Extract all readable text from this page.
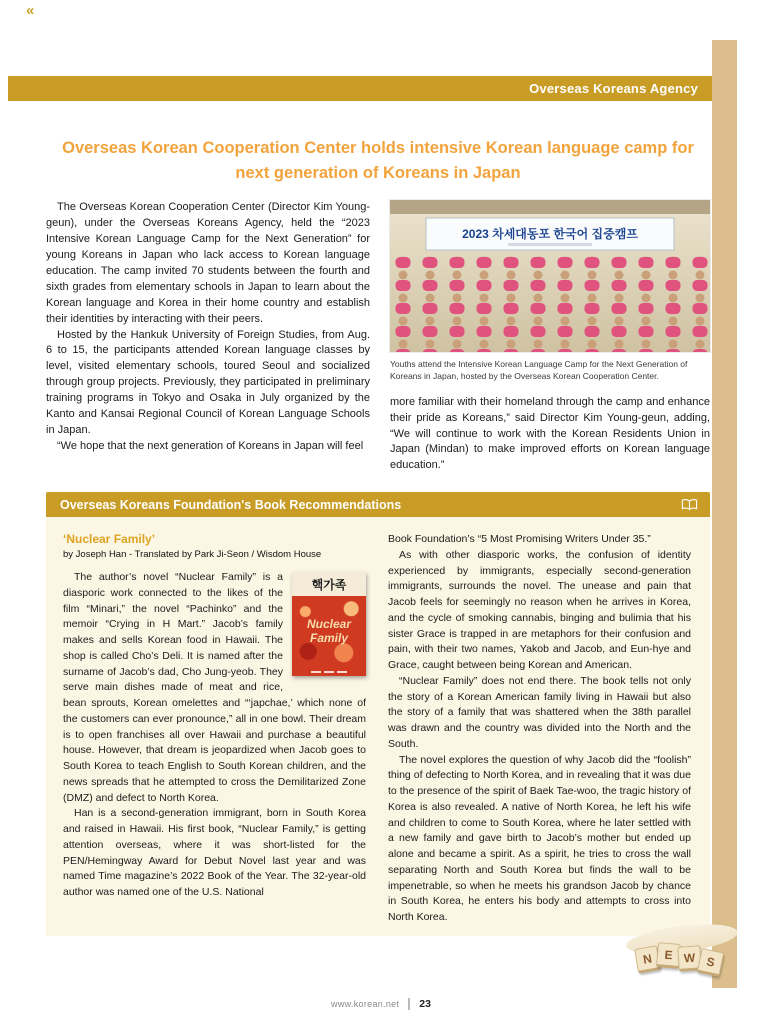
«
Overseas Koreans Agency
Overseas Korean Cooperation Center holds intensive Korean language camp for next generation of Koreans in Japan

The Overseas Korean Cooperation Center (Director Kim Young-geun), under the Overseas Koreans Agency, held the “2023 Intensive Korean Language Camp for the Next Generation” for young Koreans in Japan who lack access to Korean language education. The camp invited 70 students between the fourth and sixth grades from elementary schools in Japan to learn about the Korean language and Korea in their home country and establish their identities by interacting with their peers.

Hosted by the Hankuk University of Foreign Studies, from Aug. 6 to 15, the participants attended Korean language classes by level, visited elementary schools, toured Seoul and socialized through group projects. Previously, they participated in preliminary training programs in Tokyo and Osaka in July organized by the Kanto and Kansai Regional Council of Korean Language Schools in Japan.

“We hope that the next generation of Koreans in Japan will feel

2023 차세대동포 한국어 집중캠프

Youths attend the Intensive Korean Language Camp for the Next Generation of Koreans in Japan, hosted by the Overseas Korean Cooperation Center.

more familiar with their homeland through the camp and enhance their pride as Koreans,” said Director Kim Young-geun, adding, “We will continue to work with the Korean Residents Union in Japan (Mindan) to make improved efforts on Korean language education.”

Overseas Koreans Foundation's Book Recommendations
‘Nuclear Family’
by Joseph Han - Translated by Park Ji-Seon / Wisdom House
핵가족
Nuclear Family

The author’s novel “Nuclear Family” is a diasporic work connected to the likes of the film “Minari,” the novel “Pachinko” and the memoir “Crying in H Mart.” Jacob’s family makes and sells Korean food in Hawaii. The shop is called Cho’s Deli. It is named after the surname of Jacob’s dad, Cho Jung-yeob. They serve main dishes made of meat and rice, bean sprouts, Korean omelettes and “‘japchae,’ which none of the customers can ever pronounce,” all in one bowl. Their dream is to open franchises all over Hawaii and purchase a beautiful house. However, that dream is jeopardized when Jacob goes to South Korea to teach English to South Korean children, and the news spreads that he attempted to cross the Demilitarized Zone (DMZ) and defect to North Korea.

Han is a second-generation immigrant, born in South Korea and raised in Hawaii. His first book, “Nuclear Family,” is getting attention overseas, where it was short-listed for the PEN/Hemingway Award for Debut Novel last year and was named Time magazine’s 2022 Book of the Year. The 32-year-old author was named one of the U.S. National

Book Foundation’s “5 Most Promising Writers Under 35.”

As with other diasporic works, the confusion of identity experienced by immigrants, especially second-generation immigrants, surrounds the novel. The unease and pain that Jacob feels for seemingly no reason when he arrives in Korea, and the cycle of smoking cannabis, binging and bulimia that his sister Grace is trapped in are metaphors for their confusion and pain, with their two names, Yakob and Jacob, and Eun-hye and Grace, caught between being Korean and American.

“Nuclear Family” does not end there. The book tells not only the story of a Korean American family living in Hawaii but also the story of a family that was shattered when the 38th parallel was drawn and the country was divided into the North and the South.

The novel explores the question of why Jacob did the “foolish” thing of defecting to North Korea, and in revealing that it was due to the presence of the spirit of Baek Tae-woo, the tragic history of Korea is also revealed. A native of North Korea, he left his wife and children to come to South Korea, where he later settled with a new family and gave birth to Jacob’s mother but ended up alone and became a spirit. As a spirit, he tries to cross the wall separating North and South Korea but finds the wall to be impenetrable, so when he meets his grandson Jacob by chance in South Korea, he enters his body and attempts to cross into North Korea.

N E W S
www.korean.net 23
